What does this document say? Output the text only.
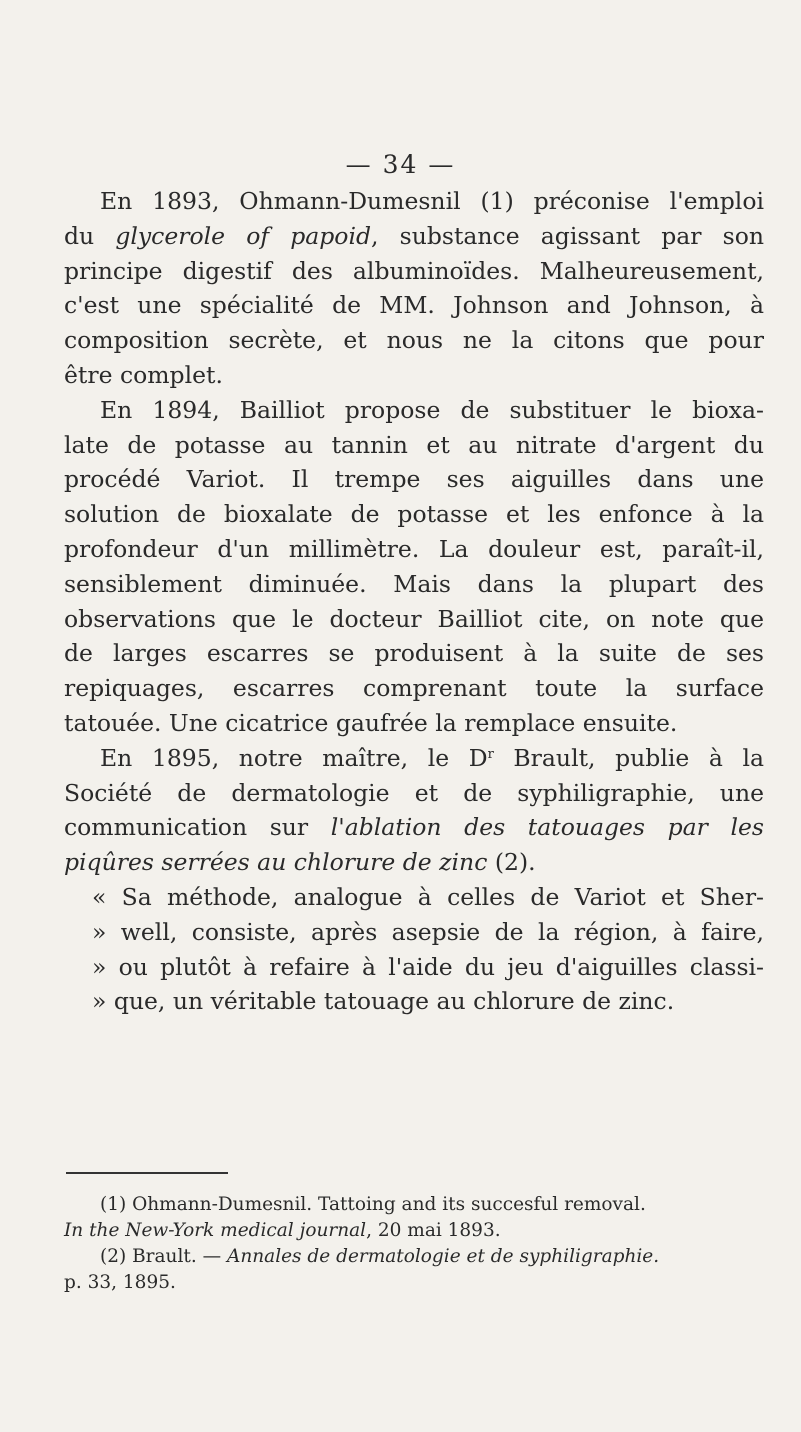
— 34 —
En 1893, Ohmann-Dumesnil (1) préconise l'emploi
du glycerole of papoid, substance agissant par son
principe digestif des albuminoïdes. Malheureusement,
c'est une spécialité de MM. Johnson and Johnson, à
composition secrète, et nous ne la citons que pour
être complet.
En 1894, Bailliot propose de substituer le bioxa-
late de potasse au tannin et au nitrate d'argent du
procédé Variot. Il trempe ses aiguilles dans une
solution de bioxalate de potasse et les enfonce à la
profondeur d'un millimètre. La douleur est, paraît-il,
sensiblement diminuée. Mais dans la plupart des
observations que le docteur Bailliot cite, on note que
de larges escarres se produisent à la suite de ses
repiquages, escarres comprenant toute la surface
tatouée. Une cicatrice gaufrée la remplace ensuite.
En 1895, notre maître, le $D^r$ Brault, publie à la
Société de dermatologie et de syphiligraphie, une
communication sur l'ablation des tatouages par les
piqûres serrées au chlorure de zinc (2).
« Sa méthode, analogue à celles de Variot et Sher-
» well, consiste, après asepsie de la région, à faire,
» ou plutôt à refaire à l'aide du jeu d'aiguilles classi-
» que, un véritable tatouage au chlorure de zinc.
(1) Ohmann-Dumesnil. Tattoing and its succesful removal.
In the New-York medical journal, 20 mai 1893.
(2) Brault. — Annales de dermatologie et de syphiligraphie.
p. 33, 1895.
